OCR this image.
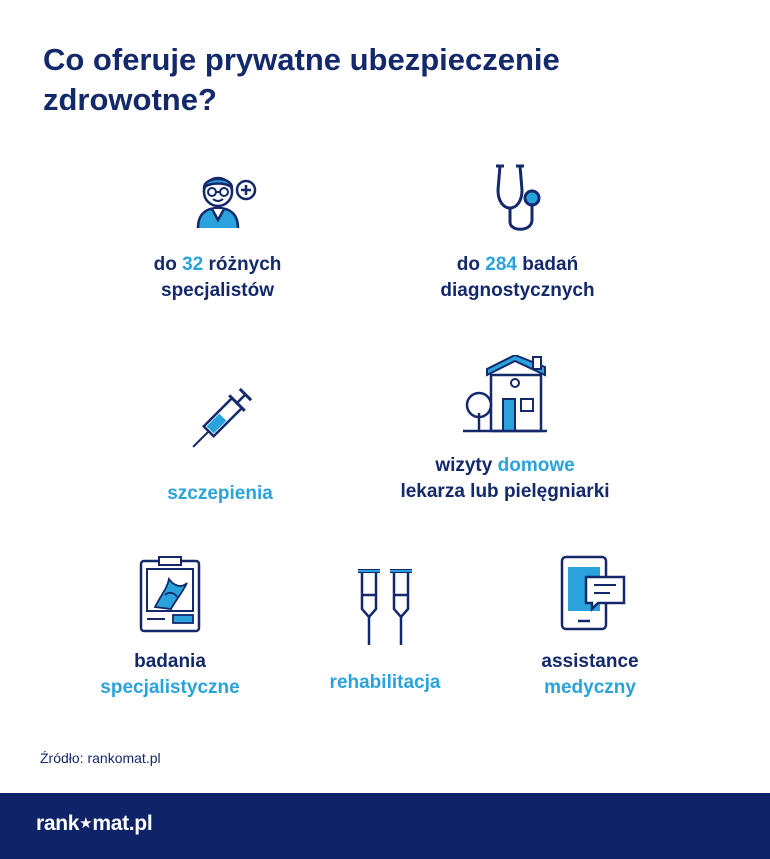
Co oferuje prywatne ubezpieczenie zdrowotne?
do 32 różnych
specjalistów
do 284 badań
diagnostycznych
szczepienia
wizyty domowe
lekarza lub pielęgniarki
badania
specjalistyczne	rehabilitacja
assistance
medyczny
Źródło: rankomat.pl
rank★mat.pl
